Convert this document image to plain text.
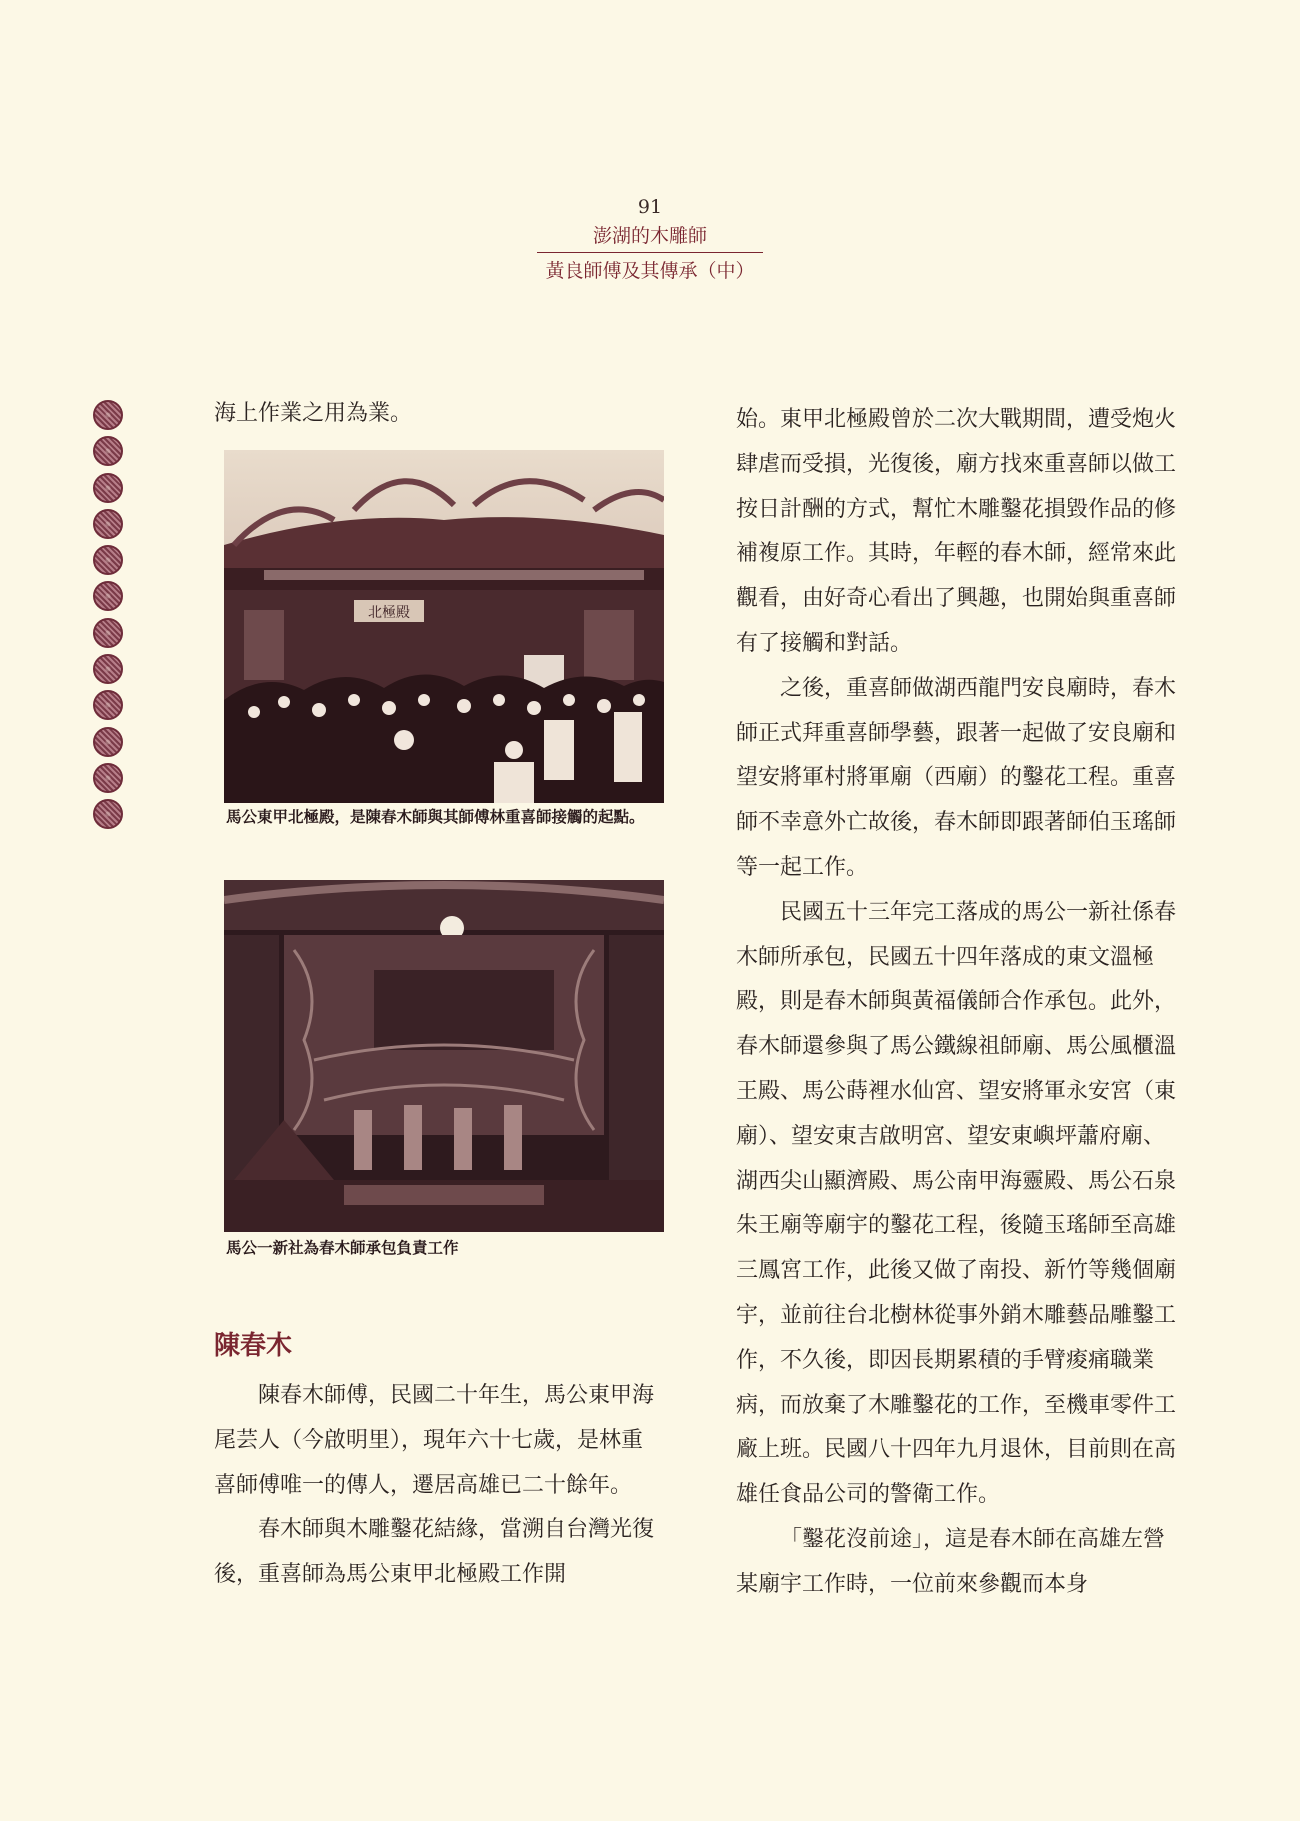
91
澎湖的木雕師
黃良師傅及其傳承（中）

海上作業之用為業。

北極殿
馬公東甲北極殿，是陳春木師與其師傅林重喜師接觸的起點。
馬公一新社為春木師承包負責工作
陳春木

陳春木師傅，民國二十年生，馬公東甲海尾芸人（今啟明里），現年六十七歲，是林重喜師傅唯一的傳人，遷居高雄已二十餘年。

春木師與木雕鑿花結緣，當溯自台灣光復後，重喜師為馬公東甲北極殿工作開

始。東甲北極殿曾於二次大戰期間，遭受炮火肆虐而受損，光復後，廟方找來重喜師以做工按日計酬的方式，幫忙木雕鑿花損毀作品的修補複原工作。其時，年輕的春木師，經常來此觀看，由好奇心看出了興趣，也開始與重喜師有了接觸和對話。

之後，重喜師做湖西龍門安良廟時，春木師正式拜重喜師學藝，跟著一起做了安良廟和望安將軍村將軍廟（西廟）的鑿花工程。重喜師不幸意外亡故後，春木師即跟著師伯玉瑤師等一起工作。

民國五十三年完工落成的馬公一新社係春木師所承包，民國五十四年落成的東文溫極殿，則是春木師與黃福儀師合作承包。此外，春木師還參與了馬公鐵線祖師廟、馬公風櫃溫王殿、馬公蒔裡水仙宮、望安將軍永安宮（東廟）、望安東吉啟明宮、望安東嶼坪蕭府廟、湖西尖山顯濟殿、馬公南甲海靈殿、馬公石泉朱王廟等廟宇的鑿花工程，後隨玉瑤師至高雄三鳳宮工作，此後又做了南投、新竹等幾個廟宇，並前往台北樹林從事外銷木雕藝品雕鑿工作，不久後，即因長期累積的手臂痠痛職業病，而放棄了木雕鑿花的工作，至機車零件工廠上班。民國八十四年九月退休，目前則在高雄任食品公司的警衛工作。

「鑿花沒前途」，這是春木師在高雄左營某廟宇工作時，一位前來參觀而本身
